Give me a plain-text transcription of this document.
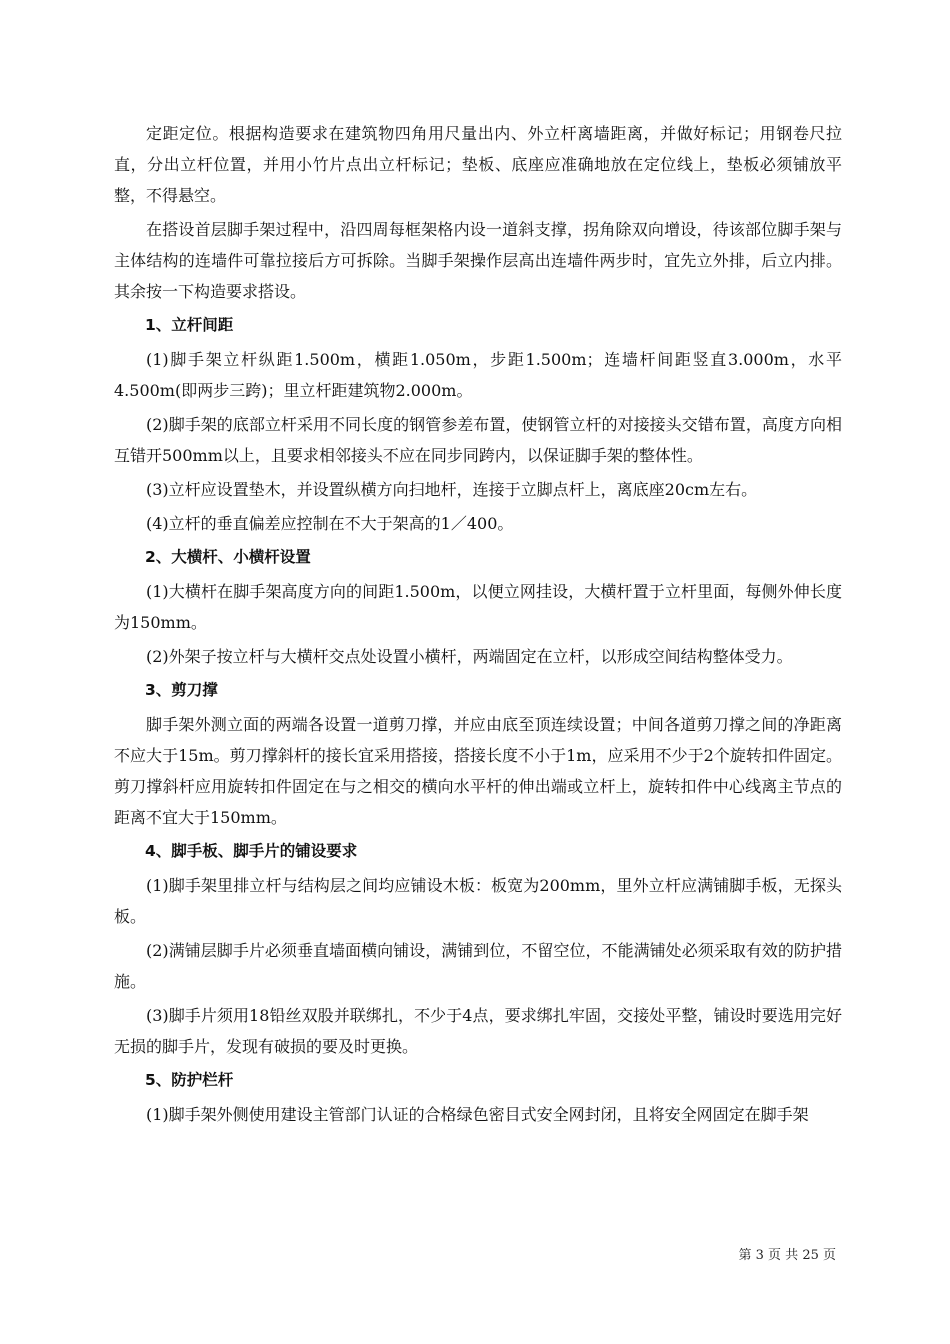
定距定位。根据构造要求在建筑物四角用尺量出内、外立杆离墙距离，并做好标记；用钢卷尺拉直，分出立杆位置，并用小竹片点出立杆标记；垫板、底座应准确地放在定位线上，垫板必须铺放平整，不得悬空。

在搭设首层脚手架过程中，沿四周每框架格内设一道斜支撑，拐角除双向增设，待该部位脚手架与主体结构的连墙件可靠拉接后方可拆除。当脚手架操作层高出连墙件两步时，宜先立外排，后立内排。其余按一下构造要求搭设。

1、立杆间距

(1)脚手架立杆纵距1.500m，横距1.050m，步距1.500m；连墙杆间距竖直3.000m，水平4.500m(即两步三跨)；里立杆距建筑物2.000m。

(2)脚手架的底部立杆采用不同长度的钢管参差布置，使钢管立杆的对接接头交错布置，高度方向相互错开500mm以上，且要求相邻接头不应在同步同跨内，以保证脚手架的整体性。

(3)立杆应设置垫木，并设置纵横方向扫地杆，连接于立脚点杆上，离底座20cm左右。

(4)立杆的垂直偏差应控制在不大于架高的1／400。

2、大横杆、小横杆设置

(1)大横杆在脚手架高度方向的间距1.500m，以便立网挂设，大横杆置于立杆里面，每侧外伸长度为150mm。

(2)外架子按立杆与大横杆交点处设置小横杆，两端固定在立杆，以形成空间结构整体受力。

3、剪刀撑

脚手架外测立面的两端各设置一道剪刀撑，并应由底至顶连续设置；中间各道剪刀撑之间的净距离不应大于15m。剪刀撑斜杆的接长宜采用搭接，搭接长度不小于1m，应采用不少于2个旋转扣件固定。剪刀撑斜杆应用旋转扣件固定在与之相交的横向水平杆的伸出端或立杆上，旋转扣件中心线离主节点的距离不宜大于150mm。

4、脚手板、脚手片的铺设要求

(1)脚手架里排立杆与结构层之间均应铺设木板：板宽为200mm，里外立杆应满铺脚手板，无探头板。

(2)满铺层脚手片必须垂直墙面横向铺设，满铺到位，不留空位，不能满铺处必须采取有效的防护措施。

(3)脚手片须用18铅丝双股并联绑扎，不少于4点，要求绑扎牢固，交接处平整，铺设时要选用完好无损的脚手片，发现有破损的要及时更换。

5、防护栏杆

(1)脚手架外侧使用建设主管部门认证的合格绿色密目式安全网封闭，且将安全网固定在脚手架

第 3 页 共 25 页
